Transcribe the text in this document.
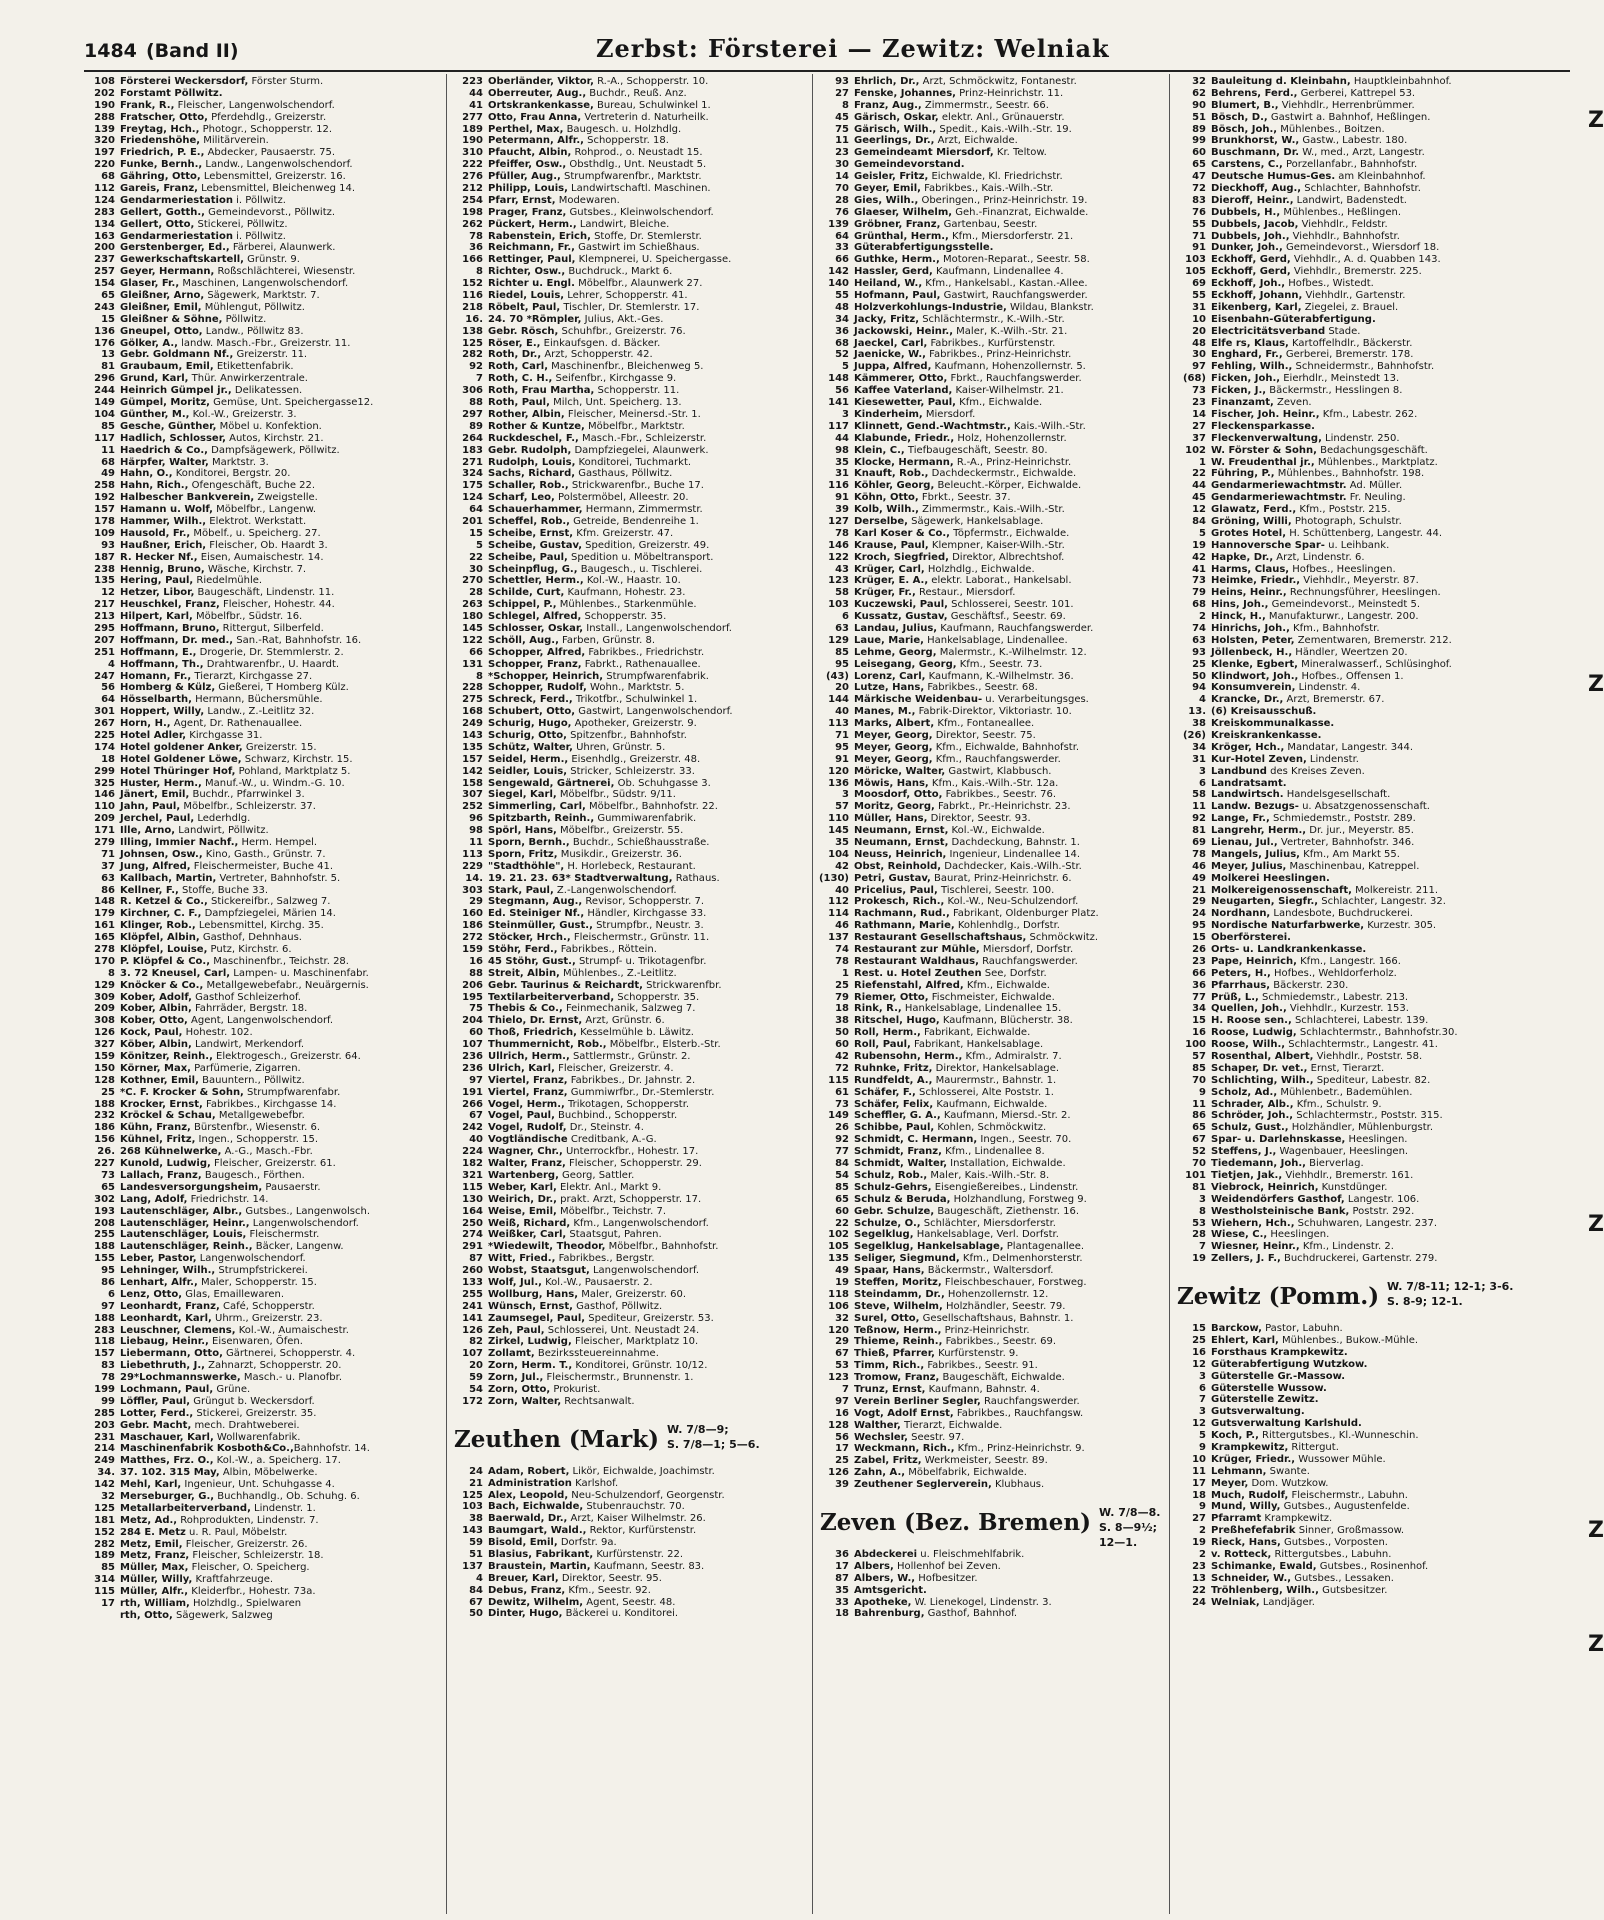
1484 (Band II)	Zerbst: Försterei — Zewitz: Welniak
108 Försterei Weckersdorf, Förster Sturm.
202 Forstamt Pöllwitz.
190 Frank, R., Fleischer, Langenwolschendorf.
288 Fratscher, Otto, Pferdehdlg., Greizerstr.
139 Freytag, Hch., Photogr., Schopperstr. 12.
320 Friedenshöhe, Militärverein.
197 Friedrich, P. E., Abdecker, Pausaerstr. 75.
220 Funke, Bernh., Landw., Langenwolschendorf.
68 Gähring, Otto, Lebensmittel, Greizerstr. 16.
112 Gareis, Franz, Lebensmittel, Bleichenweg 14.
124 Gendarmeriestation i. Pöllwitz.
283 Gellert, Gotth., Gemeindevorst., Pöllwitz.
134 Gellert, Otto, Stickerei, Pöllwitz.
163 Gendarmeriestation i. Pöllwitz.
200 Gerstenberger, Ed., Färberei, Alaunwerk.
237 Gewerkschaftskartell, Grünstr. 9.
257 Geyer, Hermann, Roßschlächterei, Wiesenstr.
154 Glaser, Fr., Maschinen, Langenwolschendorf.
65 Gleißner, Arno, Sägewerk, Marktstr. 7.
243 Gleißner, Emil, Mühlengut, Pöllwitz.
15 Gleißner & Söhne, Pöllwitz.
136 Gneupel, Otto, Landw., Pöllwitz 83.
176 Gölker, A., landw. Masch.-Fbr., Greizerstr. 11.
13 Gebr. Goldmann Nf., Greizerstr. 11.
81 Graubaum, Emil, Etikettenfabrik.
296 Grund, Karl, Thür. Anwirkerzentrale.
244 Heinrich Gümpel jr., Delikatessen.
149 Gümpel, Moritz, Gemüse, Unt. Speichergasse12.
104 Günther, M., Kol.-W., Greizerstr. 3.
85 Gesche, Günther, Möbel u. Konfektion.
117 Hadlich, Schlosser, Autos, Kirchstr. 21.
11 Haedrich & Co., Dampfsägewerk, Pöllwitz.
68 Härpfer, Walter, Marktstr. 3.
49 Hahn, O., Konditorei, Bergstr. 20.
258 Hahn, Rich., Ofengeschäft, Buche 22.
192 Halbescher Bankverein, Zweigstelle.
157 Hamann u. Wolf, Möbelfbr., Langenw.
178 Hammer, Wilh., Elektrot. Werkstatt.
109 Hausold, Fr., Möbelf., u. Speicherg. 27.
93 Haußner, Erich, Fleischer, Ob. Haardt 3.
187 R. Hecker Nf., Eisen, Aumaischestr. 14.
238 Hennig, Bruno, Wäsche, Kirchstr. 7.
135 Hering, Paul, Riedelmühle.
12 Hetzer, Libor, Baugeschäft, Lindenstr. 11.
217 Heuschkel, Franz, Fleischer, Hohestr. 44.
213 Hilpert, Karl, Möbelfbr., Südstr. 16.
295 Hoffmann, Bruno, Rittergut, Silberfeld.
207 Hoffmann, Dr. med., San.-Rat, Bahnhofstr. 16.
251 Hoffmann, E., Drogerie, Dr. Stemmlerstr. 2.
4 Hoffmann, Th., Drahtwarenfbr., U. Haardt.
247 Homann, Fr., Tierarzt, Kirchgasse 27.
56 Homberg & Külz, Gießerei, T Homberg Külz.
64 Hösselbarth, Hermann, Büchersmühle.
301 Hoppert, Willy, Landw., Z.-Leitlitz 32.
267 Horn, H., Agent, Dr. Rathenauallee.
225 Hotel Adler, Kirchgasse 31.
174 Hotel goldener Anker, Greizerstr. 15.
18 Hotel Goldener Löwe, Schwarz, Kirchstr. 15.
299 Hotel Thüringer Hof, Pohland, Marktplatz 5.
325 Huster, Herm., Manuf.-W., u. Windm.-G. 10.
146 Jänert, Emil, Buchdr., Pfarrwinkel 3.
110 Jahn, Paul, Möbelfbr., Schleizerstr. 37.
209 Jerchel, Paul, Lederhdlg.
171 Ille, Arno, Landwirt, Pöllwitz.
279 Illing, Immier Nachf., Herm. Hempel.
71 Johnsen, Osw., Kino, Gasth., Grünstr. 7.
37 Jung, Alfred, Fleischermeister, Buche 41.
63 Kallbach, Martin, Vertreter, Bahnhofstr. 5.
86 Kellner, F., Stoffe, Buche 33.
148 R. Ketzel & Co., Stickereifbr., Salzweg 7.
179 Kirchner, C. F., Dampfziegelei, Märien 14.
161 Klinger, Rob., Lebensmittel, Kirchg. 35.
165 Klöpfel, Albin, Gasthof, Dehnhaus.
278 Klöpfel, Louise, Putz, Kirchstr. 6.
170 P. Klöpfel & Co., Maschinenfbr., Teichstr. 28.
8 3. 72 Kneusel, Carl, Lampen- u. Maschinenfabr.
129 Knöcker & Co., Metallgewebefabr., Neuärgernis.
309 Kober, Adolf, Gasthof Schleizerhof.
209 Kober, Albin, Fahrräder, Bergstr. 18.
308 Kober, Otto, Agent, Langenwolschendorf.
126 Kock, Paul, Hohestr. 102.
327 Köber, Albin, Landwirt, Merkendorf.
159 Könitzer, Reinh., Elektrogesch., Greizerstr. 64.
150 Körner, Max, Parfümerie, Zigarren.
128 Kothner, Emil, Bauuntern., Pöllwitz.
25 *C. F. Krocker & Sohn, Strumpfwarenfabr.
188 Krocker, Ernst, Fabrikbes., Kirchgasse 14.
232 Kröckel & Schau, Metallgewebefbr.
186 Kühn, Franz, Bürstenfbr., Wiesenstr. 6.
156 Kühnel, Fritz, Ingen., Schopperstr. 15.
26. 268 Kühnelwerke, A.-G., Masch.-Fbr.
227 Kunold, Ludwig, Fleischer, Greizerstr. 61.
73 Lallach, Franz, Baugesch., Förthen.
65 Landesversorgungsheim, Pausaerstr.
302 Lang, Adolf, Friedrichstr. 14.
193 Lautenschläger, Albr., Gutsbes., Langenwolsch.
208 Lautenschläger, Heinr., Langenwolschendorf.
255 Lautenschläger, Louis, Fleischermstr.
188 Lautenschläger, Reinh., Bäcker, Langenw.
155 Leber, Pastor, Langenwolschendorf.
95 Lehninger, Wilh., Strumpfstrickerei.
86 Lenhart, Alfr., Maler, Schopperstr. 15.
6 Lenz, Otto, Glas, Emaillewaren.
97 Leonhardt, Franz, Café, Schopperstr.
188 Leonhardt, Karl, Uhrm., Greizerstr. 23.
283 Leuschner, Clemens, Kol.-W., Aumaischestr.
118 Liebaug, Heinr., Eisenwaren, Öfen.
157 Liebermann, Otto, Gärtnerei, Schopperstr. 4.
83 Liebethruth, J., Zahnarzt, Schopperstr. 20.
78 29*Lochmannswerke, Masch.- u. Planofbr.
199 Lochmann, Paul, Grüne.
99 Löffler, Paul, Grüngut b. Weckersdorf.
285 Lotter, Ferd., Stickerei, Greizerstr. 35.
203 Gebr. Macht, mech. Drahtweberei.
231 Maschauer, Karl, Wollwarenfabrik.
214 Maschinenfabrik Kosboth&Co.,Bahnhofstr. 14.
249 Matthes, Frz. O., Kol.-W., a. Speicherg. 17.
34. 37. 102. 315 May, Albin, Möbelwerke.
142 Mehl, Karl, Ingenieur, Unt. Schuhgasse 4.
32 Merseburger, G., Buchhandlg., Ob. Schuhg. 6.
125 Metallarbeiterverband, Lindenstr. 1.
181 Metz, Ad., Rohprodukten, Lindenstr. 7.
152 284 E. Metz u. R. Paul, Möbelstr.
282 Metz, Emil, Fleischer, Greizerstr. 26.
189 Metz, Franz, Fleischer, Schleizerstr. 18.
85 Müller, Max, Fleischer, O. Speicherg.
314 Müller, Willy, Kraftfahrzeuge.
115 Müller, Alfr., Kleiderfbr., Hohestr. 73a.
17 rth, William, Holzhdlg., Spielwaren
rth, Otto, Sägewerk, Salzweg
223 Oberländer, Viktor, R.-A., Schopperstr. 10.
44 Oberreuter, Aug., Buchdr., Reuß. Anz.
41 Ortskrankenkasse, Bureau, Schulwinkel 1.
277 Otto, Frau Anna, Vertreterin d. Naturheilk.
189 Perthel, Max, Baugesch. u. Holzhdlg.
190 Petermann, Alfr., Schopperstr. 18.
310 Pfaucht, Albin, Rohprod., o. Neustadt 15.
222 Pfeiffer, Osw., Obsthdlg., Unt. Neustadt 5.
276 Pfüller, Aug., Strumpfwarenfbr., Marktstr.
212 Philipp, Louis, Landwirtschaftl. Maschinen.
254 Pfarr, Ernst, Modewaren.
198 Prager, Franz, Gutsbes., Kleinwolschendorf.
262 Pückert, Herm., Landwirt, Bleiche.
78 Rabenstein, Erich, Stoffe, Dr. Stemlerstr.
36 Reichmann, Fr., Gastwirt im Schießhaus.
166 Rettinger, Paul, Klempnerei, U. Speichergasse.
8 Richter, Osw., Buchdruck., Markt 6.
152 Richter u. Engl. Möbelfbr., Alaunwerk 27.
116 Riedel, Louis, Lehrer, Schopperstr. 41.
218 Röbelt, Paul, Tischler, Dr. Stemlerstr. 17.
16. 24. 70 *Römpler, Julius, Akt.-Ges.
138 Gebr. Rösch, Schuhfbr., Greizerstr. 76.
125 Röser, E., Einkaufsgen. d. Bäcker.
282 Roth, Dr., Arzt, Schopperstr. 42.
92 Roth, Carl, Maschinenfbr., Bleichenweg 5.
7 Roth, C. H., Seifenfbr., Kirchgasse 9.
306 Roth, Frau Martha, Schopperstr. 11.
88 Roth, Paul, Milch, Unt. Speicherg. 13.
297 Rother, Albin, Fleischer, Meinersd.-Str. 1.
89 Rother & Kuntze, Möbelfbr., Marktstr.
264 Ruckdeschel, F., Masch.-Fbr., Schleizerstr.
183 Gebr. Rudolph, Dampfziegelei, Alaunwerk.
271 Rudolph, Louis, Konditorei, Tuchmarkt.
324 Sachs, Richard, Gasthaus, Pöllwitz.
175 Schaller, Rob., Strickwarenfbr., Buche 17.
124 Scharf, Leo, Polstermöbel, Alleestr. 20.
64 Schauerhammer, Hermann, Zimmermstr.
201 Scheffel, Rob., Getreide, Bendenreihe 1.
15 Scheibe, Ernst, Kfm. Greizerstr. 47.
5 Scheibe, Gustav, Spedition, Greizerstr. 49.
22 Scheibe, Paul, Spedition u. Möbeltransport.
30 Scheinpflug, G., Baugesch., u. Tischlerei.
270 Schettler, Herm., Kol.-W., Haastr. 10.
28 Schilde, Curt, Kaufmann, Hohestr. 23.
263 Schippel, P., Mühlenbes., Starkenmühle.
180 Schlegel, Alfred, Schopperstr. 35.
145 Schlosser, Oskar, Install., Langenwolschendorf.
122 Schöll, Aug., Farben, Grünstr. 8.
66 Schopper, Alfred, Fabrikbes., Friedrichstr.
131 Schopper, Franz, Fabrkt., Rathenauallee.
8 *Schopper, Heinrich, Strumpfwarenfabrik.
228 Schopper, Rudolf, Wohn., Marktstr. 5.
275 Schreck, Ferd., Trikotfbr., Schulwinkel 1.
168 Schubert, Otto, Gastwirt, Langenwolschendorf.
249 Schurig, Hugo, Apotheker, Greizerstr. 9.
143 Schurig, Otto, Spitzenfbr., Bahnhofstr.
135 Schütz, Walter, Uhren, Grünstr. 5.
157 Seidel, Herm., Eisenhdlg., Greizerstr. 48.
142 Seidler, Louis, Stricker, Schleizerstr. 33.
158 Sengewald, Gärtnerei, Ob. Schuhgasse 3.
307 Siegel, Karl, Möbelfbr., Südstr. 9/11.
252 Simmerling, Carl, Möbelfbr., Bahnhofstr. 22.
96 Spitzbarth, Reinh., Gummiwarenfabrik.
98 Spörl, Hans, Möbelfbr., Greizerstr. 55.
11 Sporn, Bernh., Buchdr., Schießhausstraße.
113 Sporn, Fritz, Musikdir., Greizerstr. 36.
229 "Stadthöhle", H. Horlebeck, Restaurant.
14. 19. 21. 23. 63* Stadtverwaltung, Rathaus.
303 Stark, Paul, Z.-Langenwolschendorf.
29 Stegmann, Aug., Revisor, Schopperstr. 7.
160 Ed. Steiniger Nf., Händler, Kirchgasse 33.
186 Steinmüller, Gust., Strumpfbr., Neustr. 3.
272 Stöcker, Hrch., Fleischermstr., Grünstr. 11.
159 Stöhr, Ferd., Fabrikbes., Röttein.
16 45 Stöhr, Gust., Strumpf- u. Trikotagenfbr.
88 Streit, Albin, Mühlenbes., Z.-Leitlitz.
206 Gebr. Taurinus & Reichardt, Strickwarenfbr.
195 Textilarbeiterverband, Schopperstr. 35.
75 Thebis & Co., Feinmechanik, Salzweg 7.
204 Thielo, Dr. Ernst, Arzt, Grünstr. 6.
60 Thoß, Friedrich, Kesselmühle b. Läwitz.
107 Thummernicht, Rob., Möbelfbr., Elsterb.-Str.
236 Ullrich, Herm., Sattlermstr., Grünstr. 2.
236 Ulrich, Karl, Fleischer, Greizerstr. 4.
97 Viertel, Franz, Fabrikbes., Dr. Jahnstr. 2.
191 Viertel, Franz, Gummiwrfbr., Dr.-Stemlerstr.
266 Vogel, Herm., Trikotagen, Schopperstr.
67 Vogel, Paul, Buchbind., Schopperstr.
242 Vogel, Rudolf, Dr., Steinstr. 4.
40 Vogtländische Creditbank, A.-G.
224 Wagner, Chr., Unterrockfbr., Hohestr. 17.
182 Walter, Franz, Fleischer, Schopperstr. 29.
321 Wartenberg, Georg, Sattler.
115 Weber, Karl, Elektr. Anl., Markt 9.
130 Weirich, Dr., prakt. Arzt, Schopperstr. 17.
164 Weise, Emil, Möbelfbr., Teichstr. 7.
250 Weiß, Richard, Kfm., Langenwolschendorf.
274 Weißker, Carl, Staatsgut, Pahren.
291 *Wiedewilt, Theodor, Möbelfbr., Bahnhofstr.
87 Witt, Fried., Fabrikbes., Bergstr.
260 Wobst, Staatsgut, Langenwolschendorf.
133 Wolf, Jul., Kol.-W., Pausaerstr. 2.
255 Wollburg, Hans, Maler, Greizerstr. 60.
241 Wünsch, Ernst, Gasthof, Pöllwitz.
141 Zaumsegel, Paul, Spediteur, Greizerstr. 53.
126 Zeh, Paul, Schlosserei, Unt. Neustadt 24.
82 Zirkel, Ludwig, Fleischer, Marktplatz 10.
107 Zollamt, Bezirkssteuereinnahme.
20 Zorn, Herm. T., Konditorei, Grünstr. 10/12.
59 Zorn, Jul., Fleischermstr., Brunnenstr. 1.
54 Zorn, Otto, Prokurist.
172 Zorn, Walter, Rechtsanwalt.
Zeuthen (Mark) W. 7/8—9;
S. 7/8—1; 5—6.
24 Adam, Robert, Likör, Eichwalde, Joachimstr.
21 Administration Karlshof.
125 Alex, Leopold, Neu-Schulzendorf, Georgenstr.
103 Bach, Eichwalde, Stubenrauchstr. 70.
38 Baerwald, Dr., Arzt, Kaiser Wilhelmstr. 26.
143 Baumgart, Wald., Rektor, Kurfürstenstr.
59 Bisold, Emil, Dorfstr. 9a.
51 Blasius, Fabrikant, Kurfürstenstr. 22.
137 Braustein, Martin, Kaufmann, Seestr. 83.
4 Breuer, Karl, Direktor, Seestr. 95.
84 Debus, Franz, Kfm., Seestr. 92.
67 Dewitz, Wilhelm, Agent, Seestr. 48.
50 Dinter, Hugo, Bäckerei u. Konditorei.
93 Ehrlich, Dr., Arzt, Schmöckwitz, Fontanestr.
27 Fenske, Johannes, Prinz-Heinrichstr. 11.
8 Franz, Aug., Zimmermstr., Seestr. 66.
45 Gärisch, Oskar, elektr. Anl., Grünauerstr.
75 Gärisch, Wilh., Spedit., Kais.-Wilh.-Str. 19.
11 Geerlings, Dr., Arzt, Eichwalde.
23 Gemeindeamt Miersdorf, Kr. Teltow.
30 Gemeindevorstand.
14 Geisler, Fritz, Eichwalde, Kl. Friedrichstr.
70 Geyer, Emil, Fabrikbes., Kais.-Wilh.-Str.
28 Gies, Wilh., Oberingen., Prinz-Heinrichstr. 19.
76 Glaeser, Wilhelm, Geh.-Finanzrat, Eichwalde.
139 Gröbner, Franz, Gartenbau, Seestr.
64 Grünthal, Herm., Kfm., Miersdorferstr. 21.
33 Güterabfertigungsstelle.
66 Guthke, Herm., Motoren-Reparat., Seestr. 58.
142 Hassler, Gerd, Kaufmann, Lindenallee 4.
140 Heiland, W., Kfm., Hankelsabl., Kastan.-Allee.
55 Hofmann, Paul, Gastwirt, Rauchfangswerder.
48 Holzverkohlungs-Industrie, Wildau, Blankstr.
34 Jacky, Fritz, Schlächtermstr., K.-Wilh.-Str.
36 Jackowski, Heinr., Maler, K.-Wilh.-Str. 21.
68 Jaeckel, Carl, Fabrikbes., Kurfürstenstr.
52 Jaenicke, W., Fabrikbes., Prinz-Heinrichstr.
5 Juppa, Alfred, Kaufmann, Hohenzollernstr. 5.
148 Kämmerer, Otto, Fbrkt., Rauchfangswerder.
56 Kaffee Vaterland, Kaiser-Wilhelmstr. 21.
141 Kiesewetter, Paul, Kfm., Eichwalde.
3 Kinderheim, Miersdorf.
117 Klinnett, Gend.-Wachtmstr., Kais.-Wilh.-Str.
44 Klabunde, Friedr., Holz, Hohenzollernstr.
98 Klein, C., Tiefbaugeschäft, Seestr. 80.
35 Klocke, Hermann, R.-A., Prinz-Heinrichstr.
31 Knauft, Rob., Dachdeckermstr., Eichwalde.
116 Köhler, Georg, Beleucht.-Körper, Eichwalde.
91 Köhn, Otto, Fbrkt., Seestr. 37.
39 Kolb, Wilh., Zimmermstr., Kais.-Wilh.-Str.
127 Derselbe, Sägewerk, Hankelsablage.
78 Karl Koser & Co., Töpfermstr., Eichwalde.
146 Krause, Paul, Klempner, Kaiser-Wilh.-Str.
122 Kroch, Siegfried, Direktor, Albrechtshof.
43 Krüger, Carl, Holzhdlg., Eichwalde.
123 Krüger, E. A., elektr. Laborat., Hankelsabl.
58 Krüger, Fr., Restaur., Miersdorf.
103 Kuczewski, Paul, Schlosserei, Seestr. 101.
6 Kussatz, Gustav, Geschäftsf., Seestr. 69.
63 Landau, Julius, Kaufmann, Rauchfangswerder.
129 Laue, Marie, Hankelsablage, Lindenallee.
85 Lehme, Georg, Malermstr., K.-Wilhelmstr. 12.
95 Leisegang, Georg, Kfm., Seestr. 73.
(43) Lorenz, Carl, Kaufmann, K.-Wilhelmstr. 36.
20 Lutze, Hans, Fabrikbes., Seestr. 68.
144 Märkische Weidenbau- u. Verarbeitungsges.
40 Manes, M., Fabrik-Direktor, Viktoriastr. 10.
113 Marks, Albert, Kfm., Fontaneallee.
71 Meyer, Georg, Direktor, Seestr. 75.
95 Meyer, Georg, Kfm., Eichwalde, Bahnhofstr.
91 Meyer, Georg, Kfm., Rauchfangswerder.
120 Möricke, Walter, Gastwirt, Klabbusch.
136 Möwis, Hans, Kfm., Kais.-Wilh.-Str. 12a.
3 Moosdorf, Otto, Fabrikbes., Seestr. 76.
57 Moritz, Georg, Fabrkt., Pr.-Heinrichstr. 23.
110 Müller, Hans, Direktor, Seestr. 93.
145 Neumann, Ernst, Kol.-W., Eichwalde.
35 Neumann, Ernst, Dachdeckung, Bahnstr. 1.
104 Neuss, Heinrich, Ingenieur, Lindenallee 14.
42 Obst, Reinhold, Dachdecker, Kais.-Wilh.-Str.
(130) Petri, Gustav, Baurat, Prinz-Heinrichstr. 6.
40 Pricelius, Paul, Tischlerei, Seestr. 100.
112 Prokesch, Rich., Kol.-W., Neu-Schulzendorf.
114 Rachmann, Rud., Fabrikant, Oldenburger Platz.
46 Rathmann, Marie, Kohlenhdlg., Dorfstr.
137 Restaurant Gesellschaftshaus, Schmöckwitz.
74 Restaurant zur Mühle, Miersdorf, Dorfstr.
78 Restaurant Waldhaus, Rauchfangswerder.
1 Rest. u. Hotel Zeuthen See, Dorfstr.
25 Riefenstahl, Alfred, Kfm., Eichwalde.
79 Riemer, Otto, Fischmeister, Eichwalde.
18 Rink, R., Hankelsablage, Lindenallee 15.
38 Ritschel, Hugo, Kaufmann, Blücherstr. 38.
50 Roll, Herm., Fabrikant, Eichwalde.
60 Roll, Paul, Fabrikant, Hankelsablage.
42 Rubensohn, Herm., Kfm., Admiralstr. 7.
72 Ruhnke, Fritz, Direktor, Hankelsablage.
115 Rundfeldt, A., Maurermstr., Bahnstr. 1.
61 Schäfer, F., Schlosserei, Alte Poststr. 1.
73 Schäfer, Felix, Kaufmann, Eichwalde.
149 Scheffler, G. A., Kaufmann, Miersd.-Str. 2.
26 Schibbe, Paul, Kohlen, Schmöckwitz.
92 Schmidt, C. Hermann, Ingen., Seestr. 70.
77 Schmidt, Franz, Kfm., Lindenallee 8.
84 Schmidt, Walter, Installation, Eichwalde.
54 Schulz, Rob., Maler, Kais.-Wilh.-Str. 8.
85 Schulz-Gehrs, Eisengießereibes., Lindenstr.
65 Schulz & Beruda, Holzhandlung, Forstweg 9.
60 Gebr. Schulze, Baugeschäft, Ziethenstr. 16.
22 Schulze, O., Schlächter, Miersdorferstr.
102 Segelklug, Hankelsablage, Verl. Dorfstr.
105 Segelklug, Hankelsablage, Plantagenallee.
135 Seliger, Siegmund, Kfm., Delmenhorsterstr.
49 Spaar, Hans, Bäckermstr., Waltersdorf.
19 Steffen, Moritz, Fleischbeschauer, Forstweg.
118 Steindamm, Dr., Hohenzollernstr. 12.
106 Steve, Wilhelm, Holzhändler, Seestr. 79.
32 Surel, Otto, Gesellschaftshaus, Bahnstr. 1.
120 Teßnow, Herm., Prinz-Heinrichstr.
29 Thieme, Reinh., Fabrikbes., Seestr. 69.
67 Thieß, Pfarrer, Kurfürstenstr. 9.
53 Timm, Rich., Fabrikbes., Seestr. 91.
123 Tromow, Franz, Baugeschäft, Eichwalde.
7 Trunz, Ernst, Kaufmann, Bahnstr. 4.
97 Verein Berliner Segler, Rauchfangswerder.
16 Vogt, Adolf Ernst, Fabrikbes., Rauchfangsw.
128 Walther, Tierarzt, Eichwalde.
56 Wechsler, Seestr. 97.
17 Weckmann, Rich., Kfm., Prinz-Heinrichstr. 9.
25 Zabel, Fritz, Werkmeister, Seestr. 89.
126 Zahn, A., Möbelfabrik, Eichwalde.
39 Zeuthener Seglerverein, Klubhaus.
Zeven (Bez. Bremen) W. 7/8—8.
S. 8—9½; 12—1.
36 Abdeckerei u. Fleischmehlfabrik.
17 Albers, Hollenhof bei Zeven.
87 Albers, W., Hofbesitzer.
35 Amtsgericht.
33 Apotheke, W. Lienekogel, Lindenstr. 3.
18 Bahrenburg, Gasthof, Bahnhof.
32 Bauleitung d. Kleinbahn, Hauptkleinbahnhof.
62 Behrens, Ferd., Gerberei, Kattrepel 53.
90 Blumert, B., Viehhdlr., Herrenbrümmer.
51 Bösch, D., Gastwirt a. Bahnhof, Heßlingen.
89 Bösch, Joh., Mühlenbes., Boitzen.
99 Brunkhorst, W., Gastw., Labestr. 180.
60 Buschmann, Dr. W., med., Arzt, Langestr.
65 Carstens, C., Porzellanfabr., Bahnhofstr.
47 Deutsche Humus-Ges. am Kleinbahnhof.
72 Dieckhoff, Aug., Schlachter, Bahnhofstr.
83 Dieroff, Heinr., Landwirt, Badenstedt.
76 Dubbels, H., Mühlenbes., Heßlingen.
55 Dubbels, Jacob, Viehhdlr., Feldstr.
71 Dubbels, Joh., Viehhdlr., Bahnhofstr.
91 Dunker, Joh., Gemeindevorst., Wiersdorf 18.
103 Eckhoff, Gerd, Viehhdlr., A. d. Quabben 143.
105 Eckhoff, Gerd, Viehhdlr., Bremerstr. 225.
69 Eckhoff, Joh., Hofbes., Wistedt.
55 Eckhoff, Johann, Viehhdlr., Gartenstr.
31 Eikenberg, Karl, Ziegelei, z. Brauel.
10 Eisenbahn-Güterabfertigung.
20 Electricitätsverband Stade.
48 Elfe rs, Klaus, Kartoffelhdlr., Bäckerstr.
30 Enghard, Fr., Gerberei, Bremerstr. 178.
97 Fehling, Wilh., Schneidermstr., Bahnhofstr.
(68) Ficken, Joh., Eierhdlr., Meinstedt 13.
73 Ficken, J., Bäckermstr., Hesslingen 8.
23 Finanzamt, Zeven.
14 Fischer, Joh. Heinr., Kfm., Labestr. 262.
27 Fleckensparkasse.
37 Fleckenverwaltung, Lindenstr. 250.
102 W. Förster & Sohn, Bedachungsgeschäft.
1 W. Freudenthal jr., Mühlenbes., Marktplatz.
22 Führing, P., Mühlenbes., Bahnhofstr. 198.
44 Gendarmeriewachtmstr. Ad. Müller.
45 Gendarmeriewachtmstr. Fr. Neuling.
12 Glawatz, Ferd., Kfm., Poststr. 215.
84 Gröning, Willi, Photograph, Schulstr.
5 Grotes Hotel, H. Schüttenberg, Langestr. 44.
19 Hannoversche Spar- u. Leihbank.
42 Hapke, Dr., Arzt, Lindenstr. 6.
41 Harms, Claus, Hofbes., Heeslingen.
73 Heimke, Friedr., Viehhdlr., Meyerstr. 87.
79 Heins, Heinr., Rechnungsführer, Heeslingen.
68 Hins, Joh., Gemeindevorst., Meinstedt 5.
2 Hinck, H., Manufakturwr., Langestr. 200.
74 Hinrichs, Joh., Kfm., Bahnhofstr.
63 Holsten, Peter, Zementwaren, Bremerstr. 212.
93 Jöllenbeck, H., Händler, Weertzen 20.
25 Klenke, Egbert, Mineralwasserf., Schlüsinghof.
50 Klindwort, Joh., Hofbes., Offensen 1.
94 Konsumverein, Lindenstr. 4.
4 Krancke, Dr., Arzt, Bremerstr. 67.
13. (6) Kreisausschuß.
38 Kreiskommunalkasse.
(26) Kreiskrankenkasse.
34 Kröger, Hch., Mandatar, Langestr. 344.
31 Kur-Hotel Zeven, Lindenstr.
3 Landbund des Kreises Zeven.
6 Landratsamt.
58 Landwirtsch. Handelsgesellschaft.
11 Landw. Bezugs- u. Absatzgenossenschaft.
92 Lange, Fr., Schmiedemstr., Poststr. 289.
81 Langrehr, Herm., Dr. jur., Meyerstr. 85.
69 Lienau, Jul., Vertreter, Bahnhofstr. 346.
78 Mangels, Julius, Kfm., Am Markt 55.
46 Meyer, Julius, Maschinenbau, Katreppel.
49 Molkerei Heeslingen.
21 Molkereigenossenschaft, Molkereistr. 211.
29 Neugarten, Siegfr., Schlachter, Langestr. 32.
24 Nordhann, Landesbote, Buchdruckerei.
95 Nordische Naturfarbwerke, Kurzestr. 305.
15 Oberförsterei.
26 Orts- u. Landkrankenkasse.
23 Pape, Heinrich, Kfm., Langestr. 166.
66 Peters, H., Hofbes., Wehldorferholz.
36 Pfarrhaus, Bäckerstr. 230.
77 Prüß, L., Schmiedemstr., Labestr. 213.
34 Quellen, Joh., Viehhdlr., Kurzestr. 153.
15 H. Roose sen., Schlachterei, Labestr. 139.
16 Roose, Ludwig, Schlachtermstr., Bahnhofstr.30.
100 Roose, Wilh., Schlachtermstr., Langestr. 41.
57 Rosenthal, Albert, Viehhdlr., Poststr. 58.
85 Schaper, Dr. vet., Ernst, Tierarzt.
70 Schlichting, Wilh., Spediteur, Labestr. 82.
9 Scholz, Ad., Mühlenbetr., Bademühlen.
11 Schrader, Alb., Kfm., Schulstr. 9.
86 Schröder, Joh., Schlachtermstr., Poststr. 315.
65 Schulz, Gust., Holzhändler, Mühlenburgstr.
67 Spar- u. Darlehnskasse, Heeslingen.
52 Steffens, J., Wagenbauer, Heeslingen.
70 Tiedemann, Joh., Bierverlag.
101 Tietjen, Jak., Viehhdlr., Bremerstr. 161.
81 Viebrock, Heinrich, Kunstdünger.
3 Weidendörfers Gasthof, Langestr. 106.
8 Westholsteinische Bank, Poststr. 292.
53 Wiehern, Hch., Schuhwaren, Langestr. 237.
28 Wiese, C., Heeslingen.
7 Wiesner, Heinr., Kfm., Lindenstr. 2.
19 Zellers, J. F., Buchdruckerei, Gartenstr. 279.
Zewitz (Pomm.) W. 7/8-11; 12-1; 3-6.
S. 8-9; 12-1.
15 Barckow, Pastor, Labuhn.
25 Ehlert, Karl, Mühlenbes., Bukow.-Mühle.
16 Forsthaus Krampkewitz.
12 Güterabfertigung Wutzkow.
3 Güterstelle Gr.-Massow.
6 Güterstelle Wussow.
7 Güterstelle Zewitz.
3 Gutsverwaltung.
12 Gutsverwaltung Karlshuld.
5 Koch, P., Rittergutsbes., Kl.-Wunneschin.
9 Krampkewitz, Rittergut.
10 Krüger, Friedr., Wussower Mühle.
11 Lehmann, Swante.
17 Meyer, Dom. Wutzkow.
18 Much, Rudolf, Fleischermstr., Labuhn.
9 Mund, Willy, Gutsbes., Augustenfelde.
27 Pfarramt Krampkewitz.
2 Preßhefefabrik Sinner, Großmassow.
19 Rieck, Hans, Gutsbes., Vorposten.
2 v. Rotteck, Rittergutsbes., Labuhn.
23 Schimanke, Ewald, Gutsbes., Rosinenhof.
13 Schneider, W., Gutsbes., Lessaken.
22 Tröhlenberg, Wilh., Gutsbesitzer.
24 Welniak, Landjäger.
Z
Z
Z
Z
Z
